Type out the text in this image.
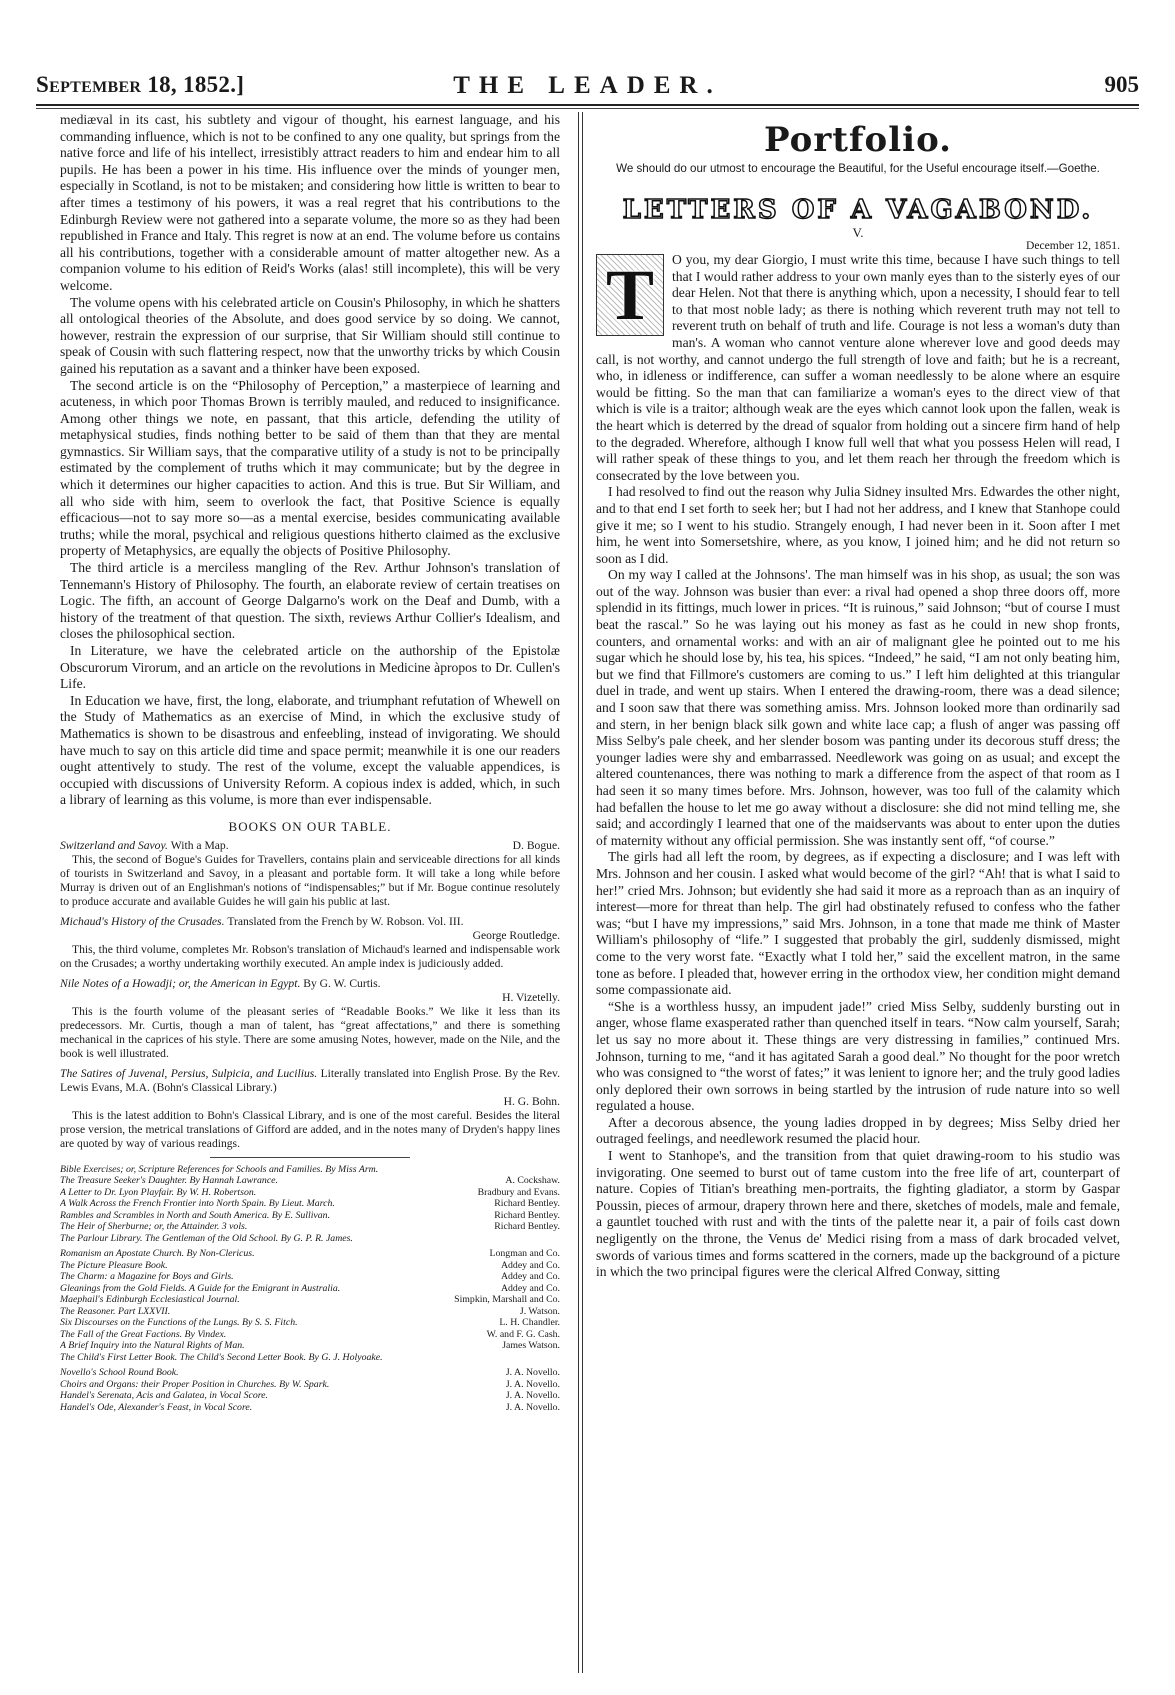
September 18, 1852.]	THE LEADER.	905

mediæval in its cast, his subtlety and vigour of thought, his earnest language, and his commanding influence, which is not to be confined to any one quality, but springs from the native force and life of his intellect, irresistibly attract readers to him and endear him to all pupils. He has been a power in his time. His influence over the minds of younger men, especially in Scotland, is not to be mistaken; and considering how little is written to bear to after times a testimony of his powers, it was a real regret that his contributions to the Edinburgh Review were not gathered into a separate volume, the more so as they had been republished in France and Italy. This regret is now at an end. The volume before us contains all his contributions, together with a considerable amount of matter altogether new. As a companion volume to his edition of Reid's Works (alas! still incomplete), this will be very welcome.

The volume opens with his celebrated article on Cousin's Philosophy, in which he shatters all ontological theories of the Absolute, and does good service by so doing. We cannot, however, restrain the expression of our surprise, that Sir William should still continue to speak of Cousin with such flattering respect, now that the unworthy tricks by which Cousin gained his reputation as a savant and a thinker have been exposed.

The second article is on the “Philosophy of Perception,” a masterpiece of learning and acuteness, in which poor Thomas Brown is terribly mauled, and reduced to insignificance. Among other things we note, en passant, that this article, defending the utility of metaphysical studies, finds nothing better to be said of them than that they are mental gymnastics. Sir William says, that the comparative utility of a study is not to be principally estimated by the complement of truths which it may communicate; but by the degree in which it determines our higher capacities to action. And this is true. But Sir William, and all who side with him, seem to overlook the fact, that Positive Science is equally efficacious—not to say more so—as a mental exercise, besides communicating available truths; while the moral, psychical and religious questions hitherto claimed as the exclusive property of Metaphysics, are equally the objects of Positive Philosophy.

The third article is a merciless mangling of the Rev. Arthur Johnson's translation of Tennemann's History of Philosophy. The fourth, an elaborate review of certain treatises on Logic. The fifth, an account of George Dalgarno's work on the Deaf and Dumb, with a history of the treatment of that question. The sixth, reviews Arthur Collier's Idealism, and closes the philosophical section.

In Literature, we have the celebrated article on the authorship of the Epistolæ Obscurorum Virorum, and an article on the revolutions in Medicine àpropos to Dr. Cullen's Life.

In Education we have, first, the long, elaborate, and triumphant refutation of Whewell on the Study of Mathematics as an exercise of Mind, in which the exclusive study of Mathematics is shown to be disastrous and enfeebling, instead of invigorating. We should have much to say on this article did time and space permit; meanwhile it is one our readers ought attentively to study. The rest of the volume, except the valuable appendices, is occupied with discussions of University Reform. A copious index is added, which, in such a library of learning as this volume, is more than ever indispensable.

BOOKS ON OUR TABLE.
D. Bogue.
Switzerland and Savoy. With a Map.
This, the second of Bogue's Guides for Travellers, contains plain and serviceable directions for all kinds of tourists in Switzerland and Savoy, in a pleasant and portable form. It will take a long while before Murray is driven out of an Englishman's notions of “indispensables;” but if Mr. Bogue continue resolutely to produce accurate and available Guides he will gain his public at last.
Michaud's History of the Crusades. Translated from the French by W. Robson. Vol. III.
George Routledge.
This, the third volume, completes Mr. Robson's translation of Michaud's learned and indispensable work on the Crusades; a worthy undertaking worthily executed. An ample index is judiciously added.
Nile Notes of a Howadji; or, the American in Egypt. By G. W. Curtis.
H. Vizetelly.
This is the fourth volume of the pleasant series of “Readable Books.” We like it less than its predecessors. Mr. Curtis, though a man of talent, has “great affectations,” and there is something mechanical in the caprices of his style. There are some amusing Notes, however, made on the Nile, and the book is well illustrated.
The Satires of Juvenal, Persius, Sulpicia, and Lucilius. Literally translated into English Prose. By the Rev. Lewis Evans, M.A. (Bohn's Classical Library.)
H. G. Bohn.
This is the latest addition to Bohn's Classical Library, and is one of the most careful. Besides the literal prose version, the metrical translations of Gifford are added, and in the notes many of Dryden's happy lines are quoted by way of various readings.
Bible Exercises; or, Scripture References for Schools and Families. By Miss Arm.
The Treasure Seeker's Daughter. By Hannah Lawrance.	A. Cockshaw.
A Letter to Dr. Lyon Playfair. By W. H. Robertson.	Bradbury and Evans.
A Walk Across the French Frontier into North Spain. By Lieut. March.	Richard Bentley.
Rambles and Scrambles in North and South America. By E. Sullivan.	Richard Bentley.
The Heir of Sherburne; or, the Attainder. 3 vols.	Richard Bentley.
The Parlour Library. The Gentleman of the Old School. By G. P. R. James.
Romanism an Apostate Church. By Non-Clericus.	Longman and Co.
The Picture Pleasure Book.	Addey and Co.
The Charm: a Magazine for Boys and Girls.	Addey and Co.
Gleanings from the Gold Fields. A Guide for the Emigrant in Australia.	Addey and Co.
Maephail's Edinburgh Ecclesiastical Journal.	Simpkin, Marshall and Co.
The Reasoner. Part LXXVII.	J. Watson.
Six Discourses on the Functions of the Lungs. By S. S. Fitch.	L. H. Chandler.
The Fall of the Great Factions. By Vindex.	W. and F. G. Cash.
A Brief Inquiry into the Natural Rights of Man.	James Watson.
The Child's First Letter Book. The Child's Second Letter Book. By G. J. Holyoake.
Novello's School Round Book.	J. A. Novello.
Choirs and Organs: their Proper Position in Churches. By W. Spark.	J. A. Novello.
Handel's Serenata, Acis and Galatea, in Vocal Score.	J. A. Novello.
Handel's Ode, Alexander's Feast, in Vocal Score.	J. A. Novello.
Portfolio.
We should do our utmost to encourage the Beautiful, for the Useful encourage itself.—Goethe.
LETTERS OF A VAGABOND.
V.
December 12, 1851.

T	O you, my dear Giorgio, I must write this time, because I have such things to tell that I would rather address to your own manly eyes than to the sisterly eyes of our dear Helen. Not that there is anything which, upon a necessity, I should fear to tell to that most noble lady; as there is nothing which reverent truth may not tell to reverent truth on behalf of truth and life. Courage is not less a woman's duty than man's. A woman who cannot venture alone wherever love and good deeds may call, is not worthy, and cannot undergo the full strength of love and faith; but he is a recreant, who, in idleness or indifference, can suffer a woman needlessly to be alone where an esquire would be fitting. So the man that can familiarize a woman's eyes to the direct view of that which is vile is a traitor; although weak are the eyes which cannot look upon the fallen, weak is the heart which is deterred by the dread of squalor from holding out a sincere firm hand of help to the degraded. Wherefore, although I know full well that what you possess Helen will read, I will rather speak of these things to you, and let them reach her through the freedom which is consecrated by the love between you.

I had resolved to find out the reason why Julia Sidney insulted Mrs. Edwardes the other night, and to that end I set forth to seek her; but I had not her address, and I knew that Stanhope could give it me; so I went to his studio. Strangely enough, I had never been in it. Soon after I met him, he went into Somersetshire, where, as you know, I joined him; and he did not return so soon as I did.

On my way I called at the Johnsons'. The man himself was in his shop, as usual; the son was out of the way. Johnson was busier than ever: a rival had opened a shop three doors off, more splendid in its fittings, much lower in prices. “It is ruinous,” said Johnson; “but of course I must beat the rascal.” So he was laying out his money as fast as he could in new shop fronts, counters, and ornamental works: and with an air of malignant glee he pointed out to me his sugar which he should lose by, his tea, his spices. “Indeed,” he said, “I am not only beating him, but we find that Fillmore's customers are coming to us.” I left him delighted at this triangular duel in trade, and went up stairs. When I entered the drawing-room, there was a dead silence; and I soon saw that there was something amiss. Mrs. Johnson looked more than ordinarily sad and stern, in her benign black silk gown and white lace cap; a flush of anger was passing off Miss Selby's pale cheek, and her slender bosom was panting under its decorous stuff dress; the younger ladies were shy and embarrassed. Needlework was going on as usual; and except the altered countenances, there was nothing to mark a difference from the aspect of that room as I had seen it so many times before. Mrs. Johnson, however, was too full of the calamity which had befallen the house to let me go away without a disclosure: she did not mind telling me, she said; and accordingly I learned that one of the maidservants was about to enter upon the duties of maternity without any official permission. She was instantly sent off, “of course.”

The girls had all left the room, by degrees, as if expecting a disclosure; and I was left with Mrs. Johnson and her cousin. I asked what would become of the girl? “Ah! that is what I said to her!” cried Mrs. Johnson; but evidently she had said it more as a reproach than as an inquiry of interest—more for threat than help. The girl had obstinately refused to confess who the father was; “but I have my impressions,” said Mrs. Johnson, in a tone that made me think of Master William's philosophy of “life.” I suggested that probably the girl, suddenly dismissed, might come to the very worst fate. “Exactly what I told her,” said the excellent matron, in the same tone as before. I pleaded that, however erring in the orthodox view, her condition might demand some compassionate aid.

“She is a worthless hussy, an impudent jade!” cried Miss Selby, suddenly bursting out in anger, whose flame exasperated rather than quenched itself in tears. “Now calm yourself, Sarah; let us say no more about it. These things are very distressing in families,” continued Mrs. Johnson, turning to me, “and it has agitated Sarah a good deal.” No thought for the poor wretch who was consigned to “the worst of fates;” it was lenient to ignore her; and the truly good ladies only deplored their own sorrows in being startled by the intrusion of rude nature into so well regulated a house.

After a decorous absence, the young ladies dropped in by degrees; Miss Selby dried her outraged feelings, and needlework resumed the placid hour.

I went to Stanhope's, and the transition from that quiet drawing-room to his studio was invigorating. One seemed to burst out of tame custom into the free life of art, counterpart of nature. Copies of Titian's breathing men-portraits, the fighting gladiator, a storm by Gaspar Poussin, pieces of armour, drapery thrown here and there, sketches of models, male and female, a gauntlet touched with rust and with the tints of the palette near it, a pair of foils cast down negligently on the throne, the Venus de' Medici rising from a mass of dark brocaded velvet, swords of various times and forms scattered in the corners, made up the background of a picture in which the two principal figures were the clerical Alfred Conway, sitting
